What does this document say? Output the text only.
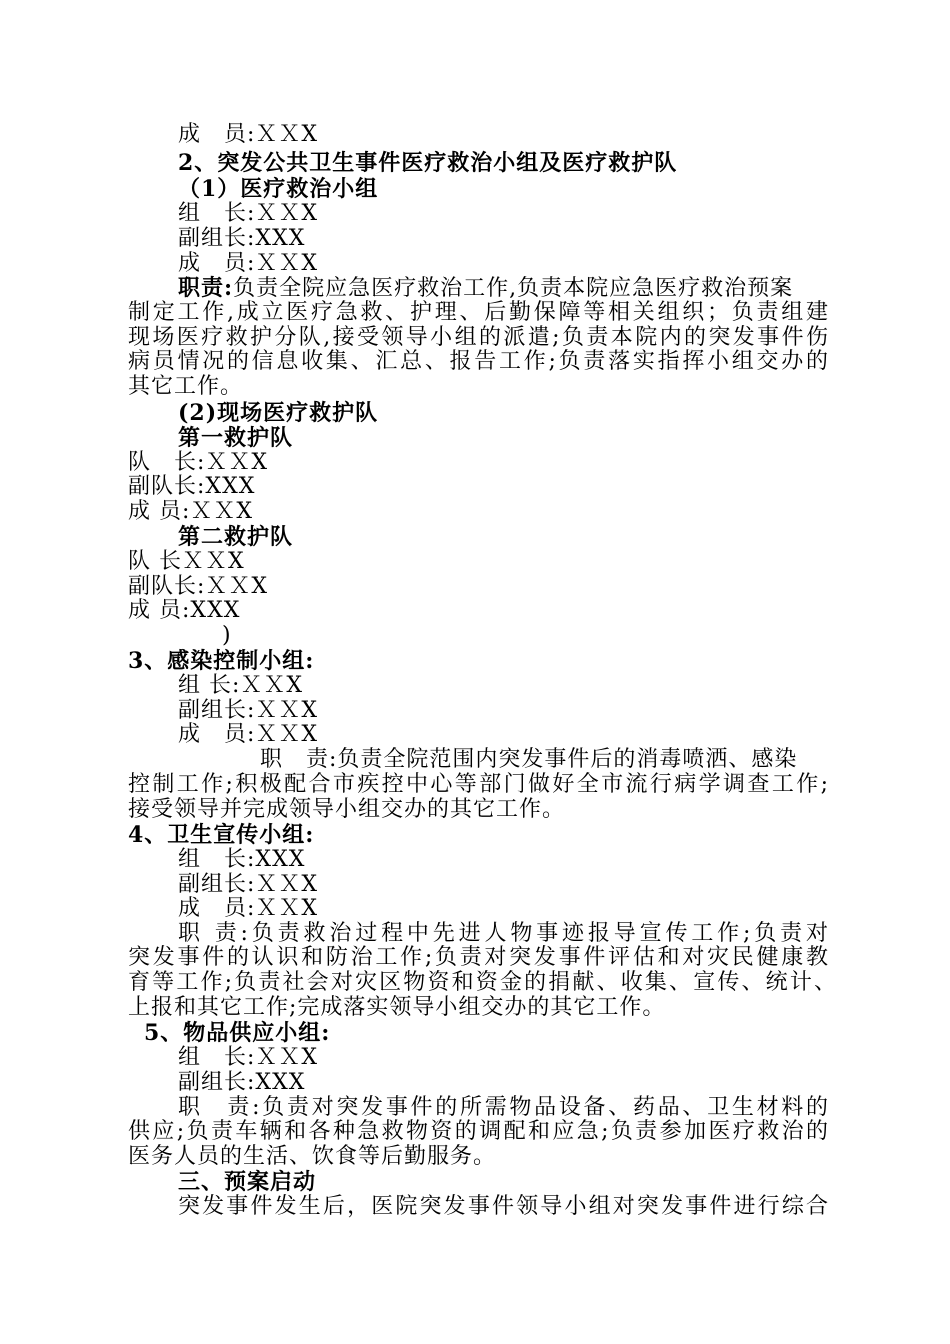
成　员:ＸＸX
2、突发公共卫生事件医疗救治小组及医疗救护队
（1）医疗救治小组
组　长:ＸＸX
副组长:XXX
成　员:ＸＸX
职责:负责全院应急医疗救治工作,负责本院应急医疗救治预案
制定工作,成立医疗急救、护理、后勤保障等相关组织；负责组建
现场医疗救护分队,接受领导小组的派遣;负责本院内的突发事件伤
病员情况的信息收集、汇总、报告工作;负责落实指挥小组交办的
其它工作。
(2)现场医疗救护队
第一救护队
队　长:ＸＸX
副队长:XXX
成 员:ＸＸX
第二救护队
队 长ＸＸX
副队长:ＸＸX
成 员:XXX
)
3、感染控制小组:
组 长:ＸＸX
副组长:ＸＸX
成　员:ＸＸX
职　责:负责全院范围内突发事件后的消毒喷洒、感染
控制工作;积极配合市疾控中心等部门做好全市流行病学调查工作;
接受领导并完成领导小组交办的其它工作。
4、卫生宣传小组:
组　长:XXX
副组长:ＸＸX
成　员:ＸＸX
职 责:负责救治过程中先进人物事迹报导宣传工作;负责对
突发事件的认识和防治工作;负责对突发事件评估和对灾民健康教
育等工作;负责社会对灾区物资和资金的捐献、收集、宣传、统计、
上报和其它工作;完成落实领导小组交办的其它工作。
5、物品供应小组:
组　长:ＸＸX
副组长:XXX
职　责:负责对突发事件的所需物品设备、药品、卫生材料的
供应;负责车辆和各种急救物资的调配和应急;负责参加医疗救治的
医务人员的生活、饮食等后勤服务。
三、预案启动
突发事件发生后，医院突发事件领导小组对突发事件进行综合
